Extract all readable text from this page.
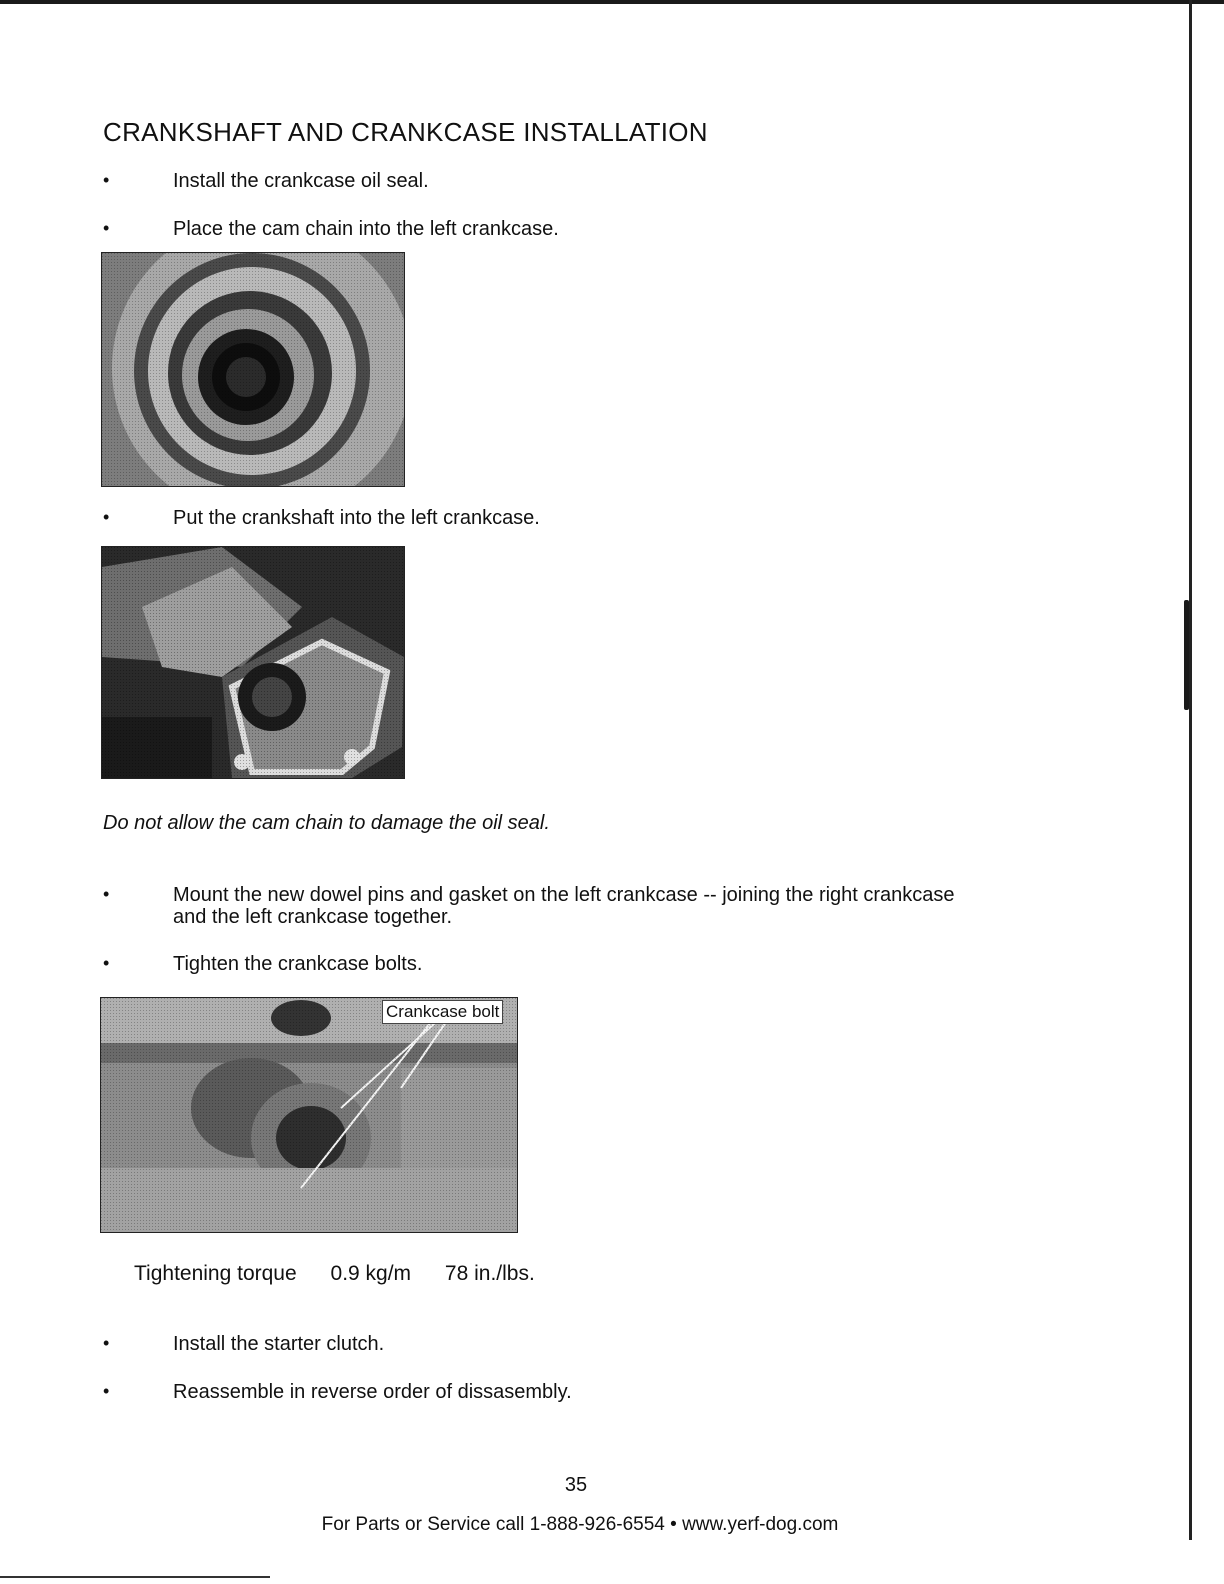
CRANKSHAFT AND CRANKCASE INSTALLATION
•	Install the crankcase oil seal.
•	Place the cam chain into the left crankcase.
•	Put the crankshaft into the left crankcase.
Do not allow the cam chain to damage the oil seal.
•	Mount the new dowel pins and gasket on the left crankcase -- joining the right crankcase and the left crankcase together.
•	Tighten the crankcase bolts.
Crankcase bolt
Tightening torque 0.9 kg/m 78 in./lbs.
•	Install the starter clutch.
•	Reassemble in reverse order of dissasembly.
35
For Parts or Service call 1-888-926-6554 • www.yerf-dog.com
